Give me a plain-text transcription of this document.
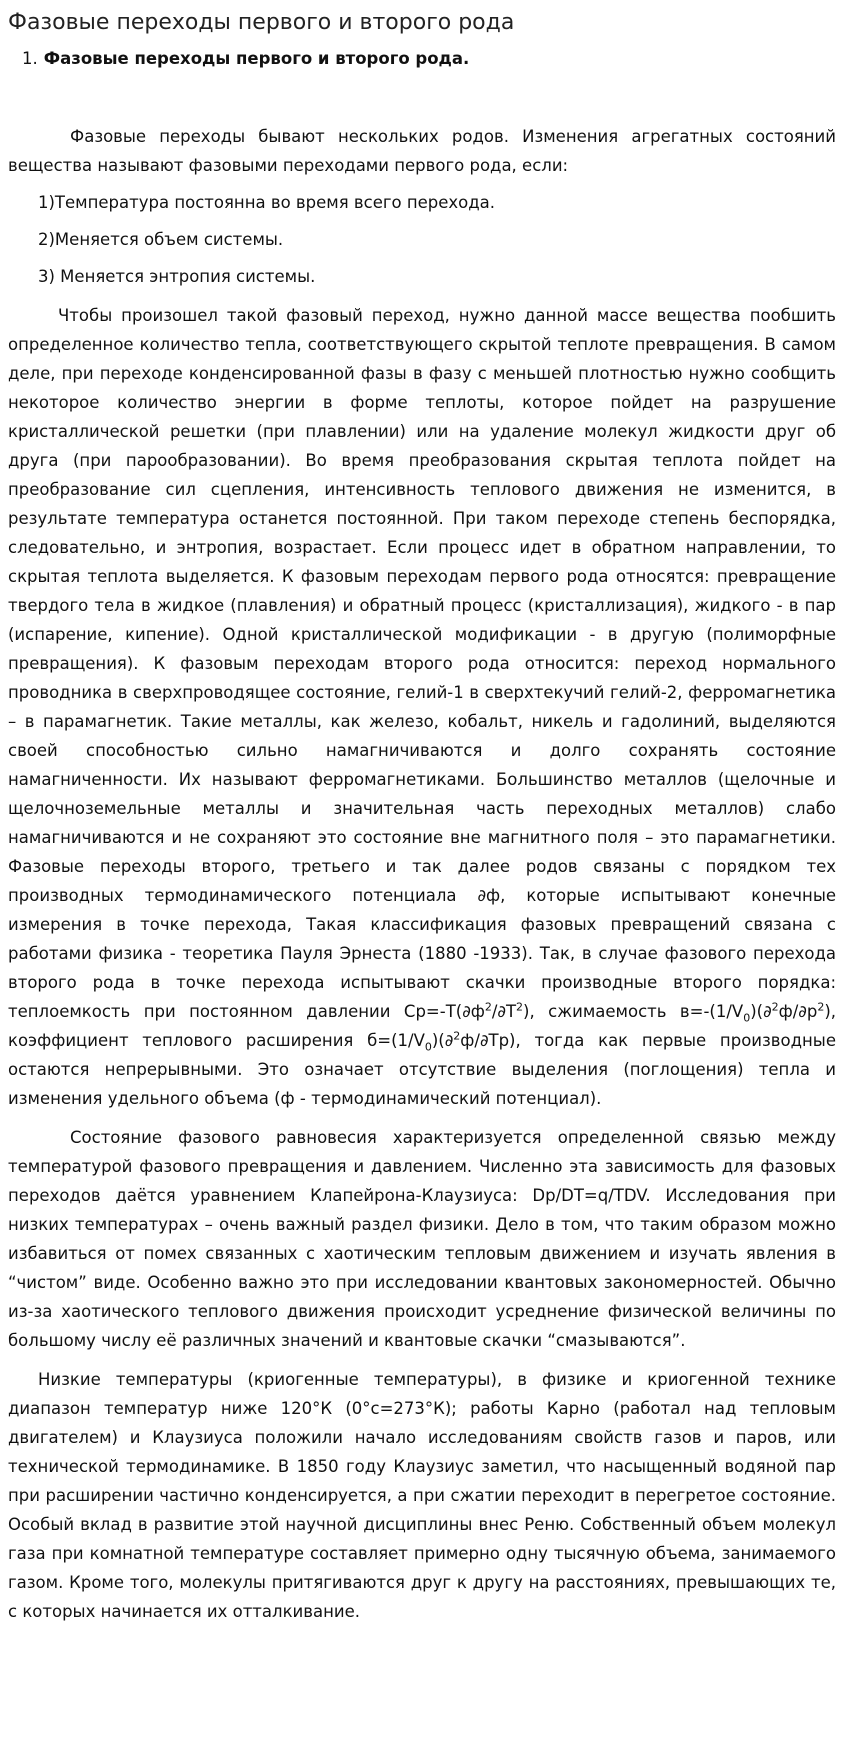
Фазовые переходы первого и второго рода
1. Фазовые переходы первого и второго рода.

Фазовые переходы бывают нескольких родов. Изменения агрегатных состояний вещества называют фазовыми переходами первого рода, если:

1)Температура постоянна во время всего перехода.
2)Меняется объем системы.
3) Меняется энтропия системы.

Чтобы произошел такой фазовый переход, нужно данной массе вещества пообшить определенное количество тепла, соответствующего скрытой теплоте превращения. В самом деле, при переходе конденсированной фазы в фазу с меньшей плотностью нужно сообщить некоторое количество энергии в форме теплоты, которое пойдет на разрушение кристаллической решетки (при плавлении) или на удаление молекул жидкости друг об друга (при парообразовании). Во время преобразования скрытая теплота пойдет на преобразование сил сцепления, интенсивность теплового движения не изменится, в результате температура останется постоянной. При таком переходе степень беспорядка, следовательно, и энтропия, возрастает. Если процесс идет в обратном направлении, то скрытая теплота выделяется. К фазовым переходам первого рода относятся: превращение твердого тела в жидкое (плавления) и обратный процесс (кристаллизация), жидкого - в пар (испарение, кипение). Одной кристаллической модификации - в другую (полиморфные превращения). К фазовым переходам второго рода относится: переход нормального проводника в сверхпроводящее состояние, гелий-1 в сверхтекучий гелий-2, ферромагнетика – в парамагнетик. Такие металлы, как железо, кобальт, никель и гадолиний, выделяются своей способностью сильно намагничиваются и долго сохранять состояние намагниченности. Их называют ферромагнетиками. Большинство металлов (щелочные и щелочноземельные металлы и значительная часть переходных металлов) слабо намагничиваются и не сохраняют это состояние вне магнитного поля – это парамагнетики. Фазовые переходы второго, третьего и так далее родов связаны с порядком тех производных термодинамического потенциала ∂ф, которые испытывают конечные измерения в точке перехода, Такая классификация фазовых превращений связана с работами физика - теоретика Пауля Эрнеста (1880 -1933). Так, в случае фазового перехода второго рода в точке перехода испытывают скачки производные второго порядка: теплоемкость при постоянном давлении $Ср=-Т(\partial ф^2/\partial Т^2)$, сжимаемость $в=-(1/V_0)(\partial^2ф/\partial р^2)$, коэффициент теплового расширения $б=(1/V_0)(\partial^2ф/\partial Тр)$, тогда как первые производные остаются непрерывными. Это означает отсутствие выделения (поглощения) тепла и изменения удельного объема (ф - термодинамический потенциал).

Состояние фазового равновесия характеризуется определенной связью между температурой фазового превращения и давлением. Численно эта зависимость для фазовых переходов даётся уравнением Клапейрона-Клаузиуса: Dp/DT=q/TDV. Исследования при низких температурах – очень важный раздел физики. Дело в том, что таким образом можно избавиться от помех связанных с хаотическим тепловым движением и изучать явления в “чистом” виде. Особенно важно это при исследовании квантовых закономерностей. Обычно из-за хаотического теплового движения происходит усреднение физической величины по большому числу её различных значений и квантовые скачки “смазываются”.

Низкие температуры (криогенные температуры), в физике и криогенной технике диапазон температур ниже 120°К (0°с=273°К); работы Карно (работал над тепловым двигателем) и Клаузиуса положили начало исследованиям свойств газов и паров, или технической термодинамике. В 1850 году Клаузиус заметил, что насыщенный водяной пар при расширении частично конденсируется, а при сжатии переходит в перегретое состояние. Особый вклад в развитие этой научной дисциплины внес Реню. Собственный объем молекул газа при комнатной температуре составляет примерно одну тысячную объема, занимаемого газом. Кроме того, молекулы притягиваются друг к другу на расстояниях, превышающих те, с которых начинается их отталкивание.
